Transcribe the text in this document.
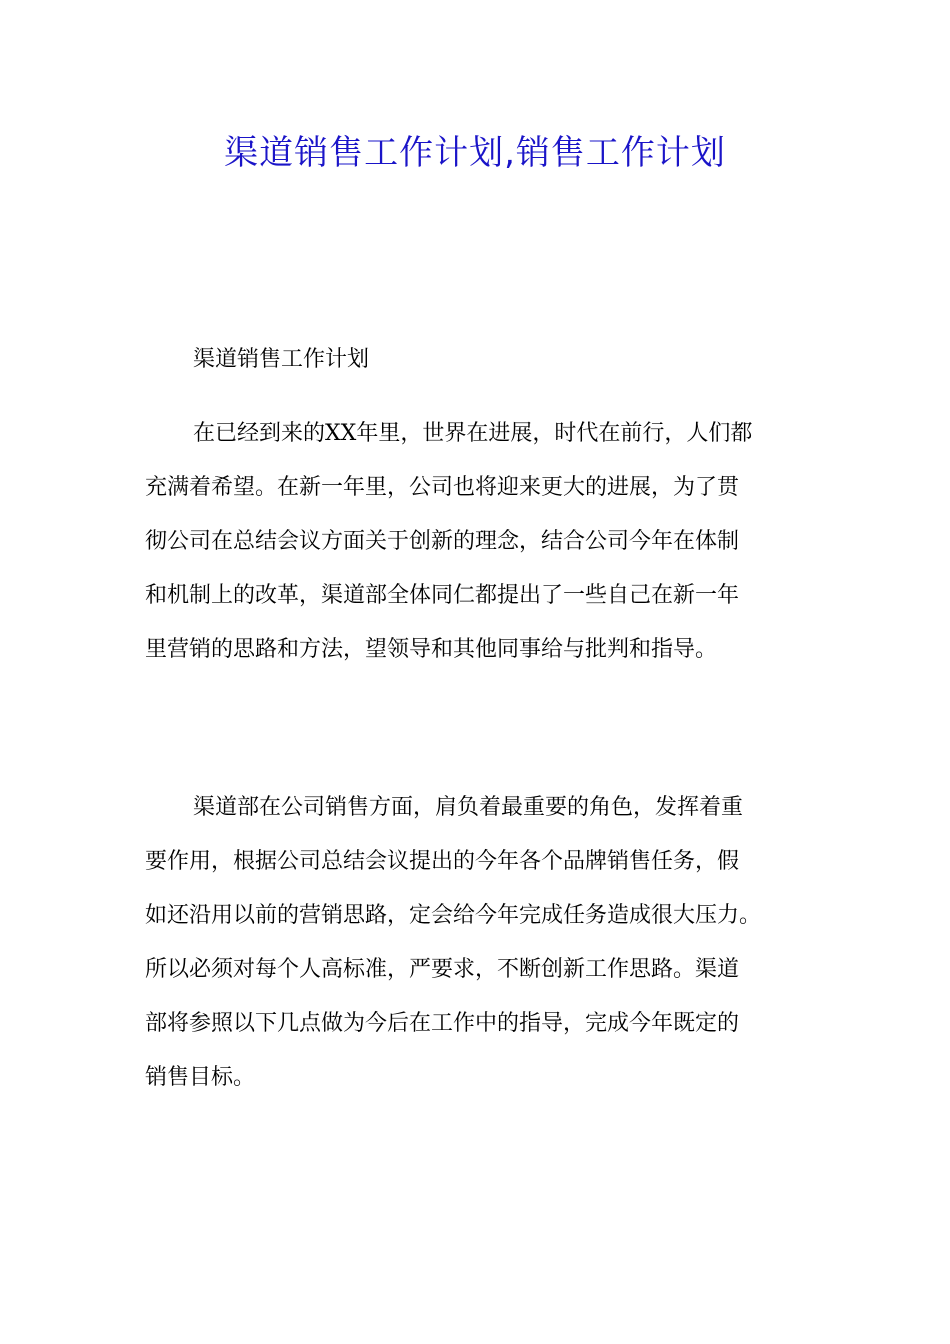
渠道销售工作计划,销售工作计划

渠道销售工作计划

在已经到来的XX年里，世界在进展，时代在前行，人们都
充满着希望。在新一年里，公司也将迎来更大的进展，为了贯
彻公司在总结会议方面关于创新的理念，结合公司今年在体制
和机制上的改革，渠道部全体同仁都提出了一些自己在新一年
里营销的思路和方法，望领导和其他同事给与批判和指导。
渠道部在公司销售方面，肩负着最重要的角色，发挥着重
要作用，根据公司总结会议提出的今年各个品牌销售任务，假
如还沿用以前的营销思路，定会给今年完成任务造成很大压力。
所以必须对每个人高标准，严要求，不断创新工作思路。渠道
部将参照以下几点做为今后在工作中的指导，完成今年既定的
销售目标。
